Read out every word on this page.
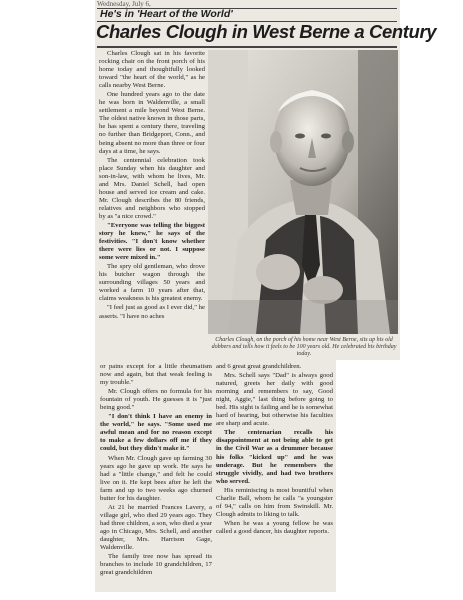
Wednesday, July 6,
He's in 'Heart of the World'
Charles Clough in West Berne a Century

Charles Clough sat in his favorite rocking chair on the front porch of his home today and thoughtfully looked toward "the heart of the world," as he calls nearby West Berne.

One hundred years ago to the date he was born in Waldenville, a small settlement a mile beyond West Berne. The oldest native known in those parts, he has spent a century there, traveling no further than Bridgeport, Conn., and being absent no more than three or four days at a time, he says.

The centennial celebration took place Sunday when his daughter and son-in-law, with whom he lives, Mr. and Mrs. Daniel Schell, had open house and served ice cream and cake. Mr. Clough describes the 80 friends, relatives and neighbors who stopped by as "a nice crowd."

"Everyone was telling the biggest story he knew," he says of the festivities. "I don't know whether there were lies or not. I suppose some were mixed in."

The spry old gentleman, who drove his butcher wagon through the surrounding villages 50 years and worked a farm 10 years after that, claims weakness is his greatest enemy.

"I feel just as good as I ever did," he asserts. "I have no aches

Charles Clough, on the porch of his home near West Berne, sits up his old dobbers and tells how it feels to be 100 years old. He celebrated his birthday today.

or pains except for a little rheumatism now and again, but that weak feeling is my trouble."

Mr. Clough offers no formula for his fountain of youth. He guesses it is "just being good."

"I don't think I have an enemy in the world," he says. "Some used me awful mean and for no reason except to make a few dollars off me if they could, but they didn't make it."

When Mr. Clough gave up farming 30 years ago he gave up work. He says he had a "little change," and felt he could live on it. He kept bees after he left the farm and up to two weeks ago churned butter for his daughter.

At 21 he married Frances Lavery, a village girl, who died 29 years ago. They had three children, a son, who died a year ago in Chicago, Mrs. Schell, and another daughter, Mrs. Harrison Gage, Waldenville.

The family tree now has spread its branches to include 10 grandchildren, 17 great grandchildren

and 6 great great grandchildren.

Mrs. Schell says "Dad" is always good natured, greets her daily with good morning and remembers to say, Good night, Aggie," last thing before going to bed. His sight is failing and he is somewhat hard of hearing, but otherwise his faculties are sharp and acute.

The centenarian recalls his disappointment at not being able to get in the Civil War as a drummer because his folks "kicked up" and he was underage. But he remembers the struggle vividly, and had two brothers who served.

His reminiscing is most bountiful when Charlie Ball, whom he calls "a youngster of 94," calls on him from Swinskill. Mr. Clough admits to liking to talk.

When he was a young fellow he was called a good dancer, his daughter reports.
